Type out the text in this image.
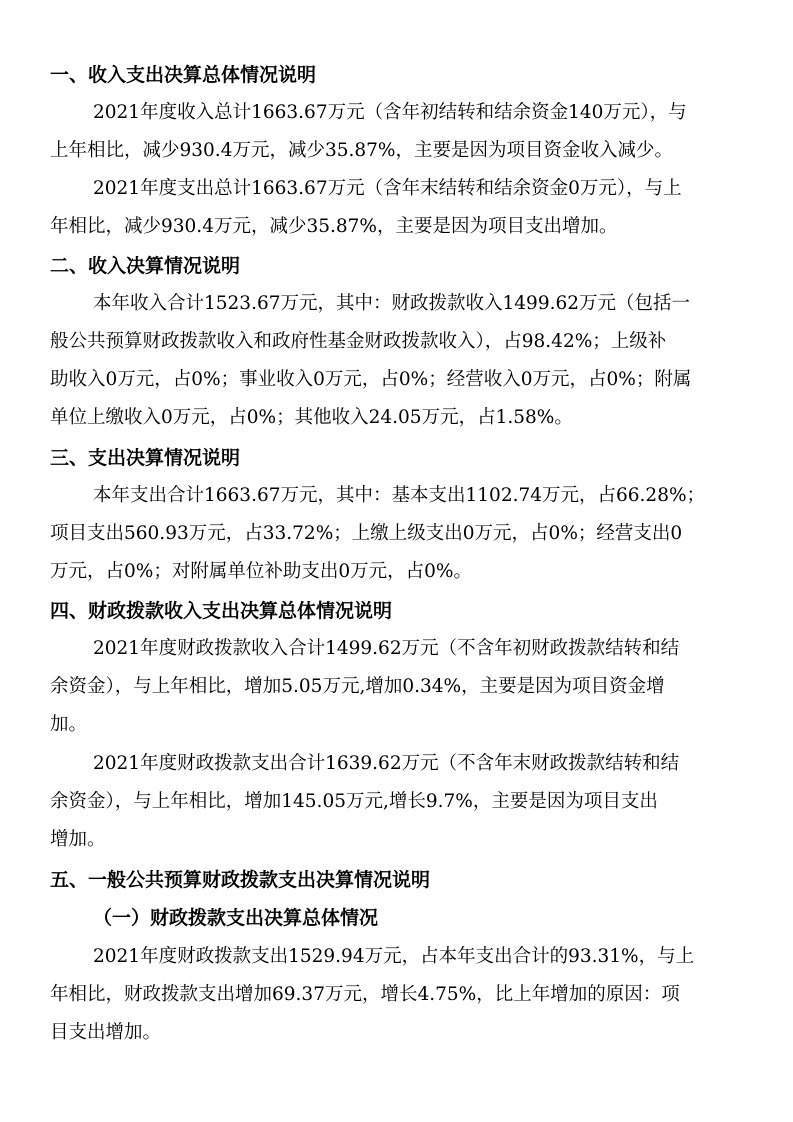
一、收入支出决算总体情况说明
2021年度收入总计1663.67万元（含年初结转和结余资金140万元），与
上年相比，减少930.4万元，减少35.87%，主要是因为项目资金收入减少。
2021年度支出总计1663.67万元（含年末结转和结余资金0万元），与上
年相比，减少930.4万元，减少35.87%，主要是因为项目支出增加。
二、收入决算情况说明
本年收入合计1523.67万元，其中：财政拨款收入1499.62万元（包括一
般公共预算财政拨款收入和政府性基金财政拨款收入），占98.42%；上级补
助收入0万元，占0%；事业收入0万元，占0%；经营收入0万元，占0%；附属
单位上缴收入0万元，占0%；其他收入24.05万元，占1.58%。
三、支出决算情况说明
本年支出合计1663.67万元，其中：基本支出1102.74万元，占66.28%；
项目支出560.93万元，占33.72%；上缴上级支出0万元，占0%；经营支出0
万元，占0%；对附属单位补助支出0万元，占0%。
四、财政拨款收入支出决算总体情况说明
2021年度财政拨款收入合计1499.62万元（不含年初财政拨款结转和结
余资金），与上年相比，增加5.05万元,增加0.34%，主要是因为项目资金增
加。
2021年度财政拨款支出合计1639.62万元（不含年末财政拨款结转和结
余资金），与上年相比，增加145.05万元,增长9.7%，主要是因为项目支出
增加。
五、一般公共预算财政拨款支出决算情况说明
（一）财政拨款支出决算总体情况
2021年度财政拨款支出1529.94万元，占本年支出合计的93.31%，与上
年相比，财政拨款支出增加69.37万元，增长4.75%，比上年增加的原因：项
目支出增加。
